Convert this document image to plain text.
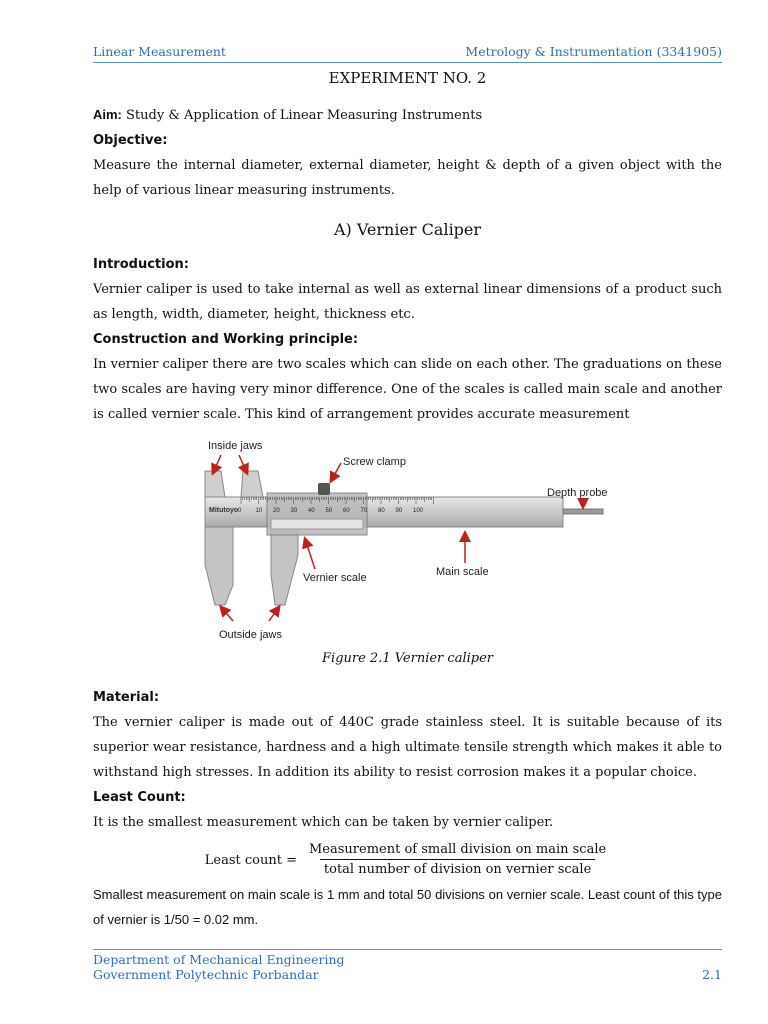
Linear Measurement	Metrology & Instrumentation (3341905)

EXPERIMENT NO. 2

Aim: Study & Application of Linear Measuring Instruments

Objective:

Measure the internal diameter, external diameter, height & depth of a given object with the help of various linear measuring instruments.

A) Vernier Caliper

Introduction:

Vernier caliper is used to take internal as well as external linear dimensions of a product such as length, width, diameter, height, thickness etc.

Construction and Working principle:

In vernier caliper there are two scales which can slide on each other. The graduations on these two scales are having very minor difference. One of the scales is called main scale and another is called vernier scale. This kind of arrangement provides accurate measurement

Mitutoyo 0 10 20 30 40 50 60 70 80 90 100
Inside jaws
Screw clamp
Depth probe
Vernier scale	Main scale
Outside jaws

Figure 2.1 Vernier caliper

Material:

The vernier caliper is made out of 440C grade stainless steel. It is suitable because of its superior wear resistance, hardness and a high ultimate tensile strength which makes it able to withstand high stresses. In addition its ability to resist corrosion makes it a popular choice.

Least Count:

It is the smallest measurement which can be taken by vernier caliper.

Least count = $\frac{\text{Measurement of small division on main scale}}{\text{total number of division on vernier scale}}$

Smallest measurement on main scale is 1 mm and total 50 divisions on vernier scale. Least count of this type of vernier is 1/50 = 0.02 mm.

Department of Mechanical Engineering
Government Polytechnic Porbandar	2.1
